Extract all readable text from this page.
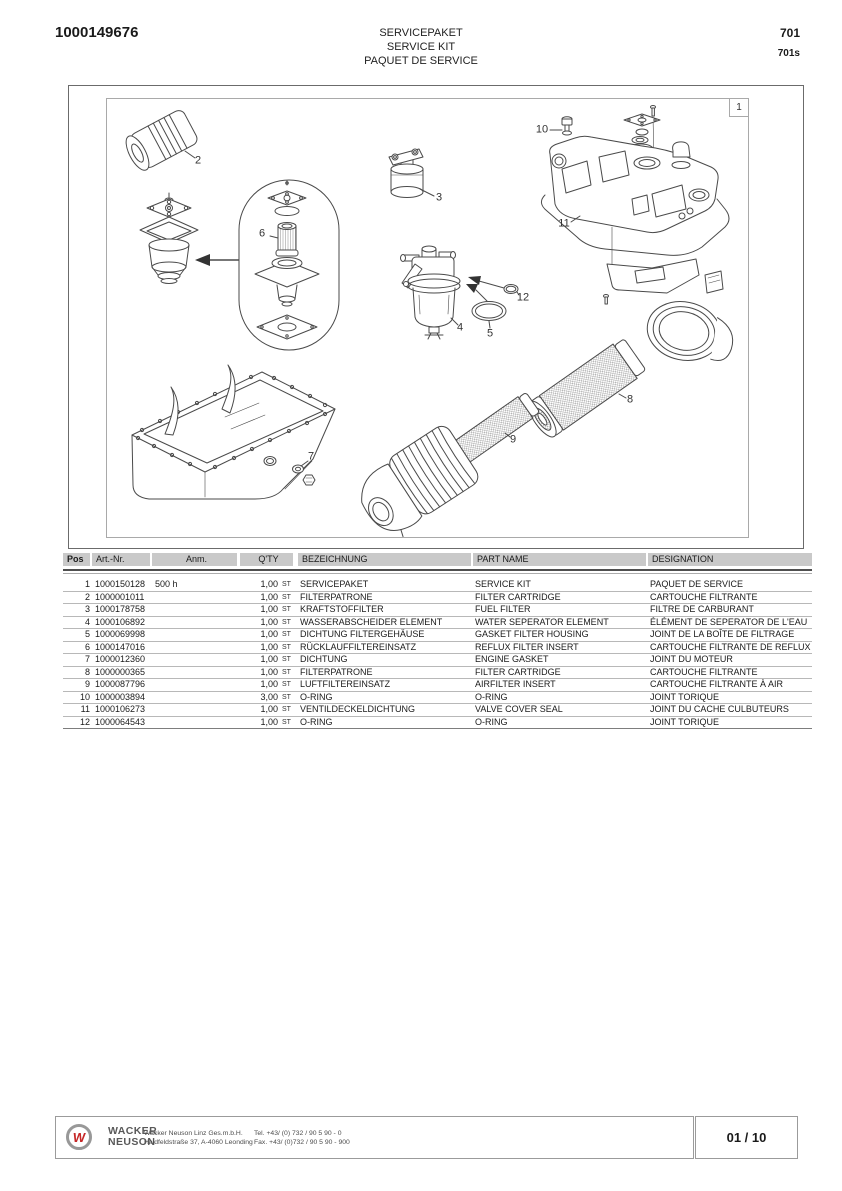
1000149676	SERVICEPAKET
SERVICE KIT
PAQUET DE SERVICE
701
701s
1
2
3
4 5
6
7
8
9
10
11
12
Pos	Art.-Nr.	Anm.	Q'TY	BEZEICHNUNG	PART NAME	DESIGNATION
1 1000150128	500 h	1,00 ST	SERVICEPAKET	SERVICE KIT	PAQUET DE SERVICE
2 1000001011	1,00 ST	FILTERPATRONE	FILTER CARTRIDGE	CARTOUCHE FILTRANTE
3 1000178758	1,00 ST	KRAFTSTOFFILTER	FUEL FILTER	FILTRE DE CARBURANT
4 1000106892	1,00 ST	WASSERABSCHEIDER ELEMENT	WATER SEPERATOR ELEMENT	ÉLÉMENT DE SEPERATOR DE L'EAU
5 1000069998	1,00 ST	DICHTUNG FILTERGEHÄUSE	GASKET FILTER HOUSING	JOINT DE LA BOÎTE DE FILTRAGE
6 1000147016	1,00 ST	RÜCKLAUFFILTEREINSATZ	REFLUX FILTER INSERT	CARTOUCHE FILTRANTE DE REFLUX
7 1000012360	1,00 ST	DICHTUNG	ENGINE GASKET	JOINT DU MOTEUR
8 1000000365	1,00 ST	FILTERPATRONE	FILTER CARTRIDGE	CARTOUCHE FILTRANTE
9 1000087796	1,00 ST	LUFTFILTEREINSATZ	AIRFILTER INSERT	CARTOUCHE FILTRANTE À AIR
10 1000003894	3,00 ST	O-RING	O-RING	JOINT TORIQUE
11 1000106273	1,00 ST	VENTILDECKELDICHTUNG	VALVE COVER SEAL	JOINT DU CACHE CULBUTEURS
12 1000064543	1,00 ST	O-RING	O-RING	JOINT TORIQUE
W WACKER
NEUSON
Wacker Neuson Linz Ges.m.b.H.
Haidfeldstraße 37, A-4060 Leonding
Tel. +43/ (0) 732 / 90 5 90 - 0
Fax. +43/ (0)732 / 90 5 90 - 900	01 / 10
